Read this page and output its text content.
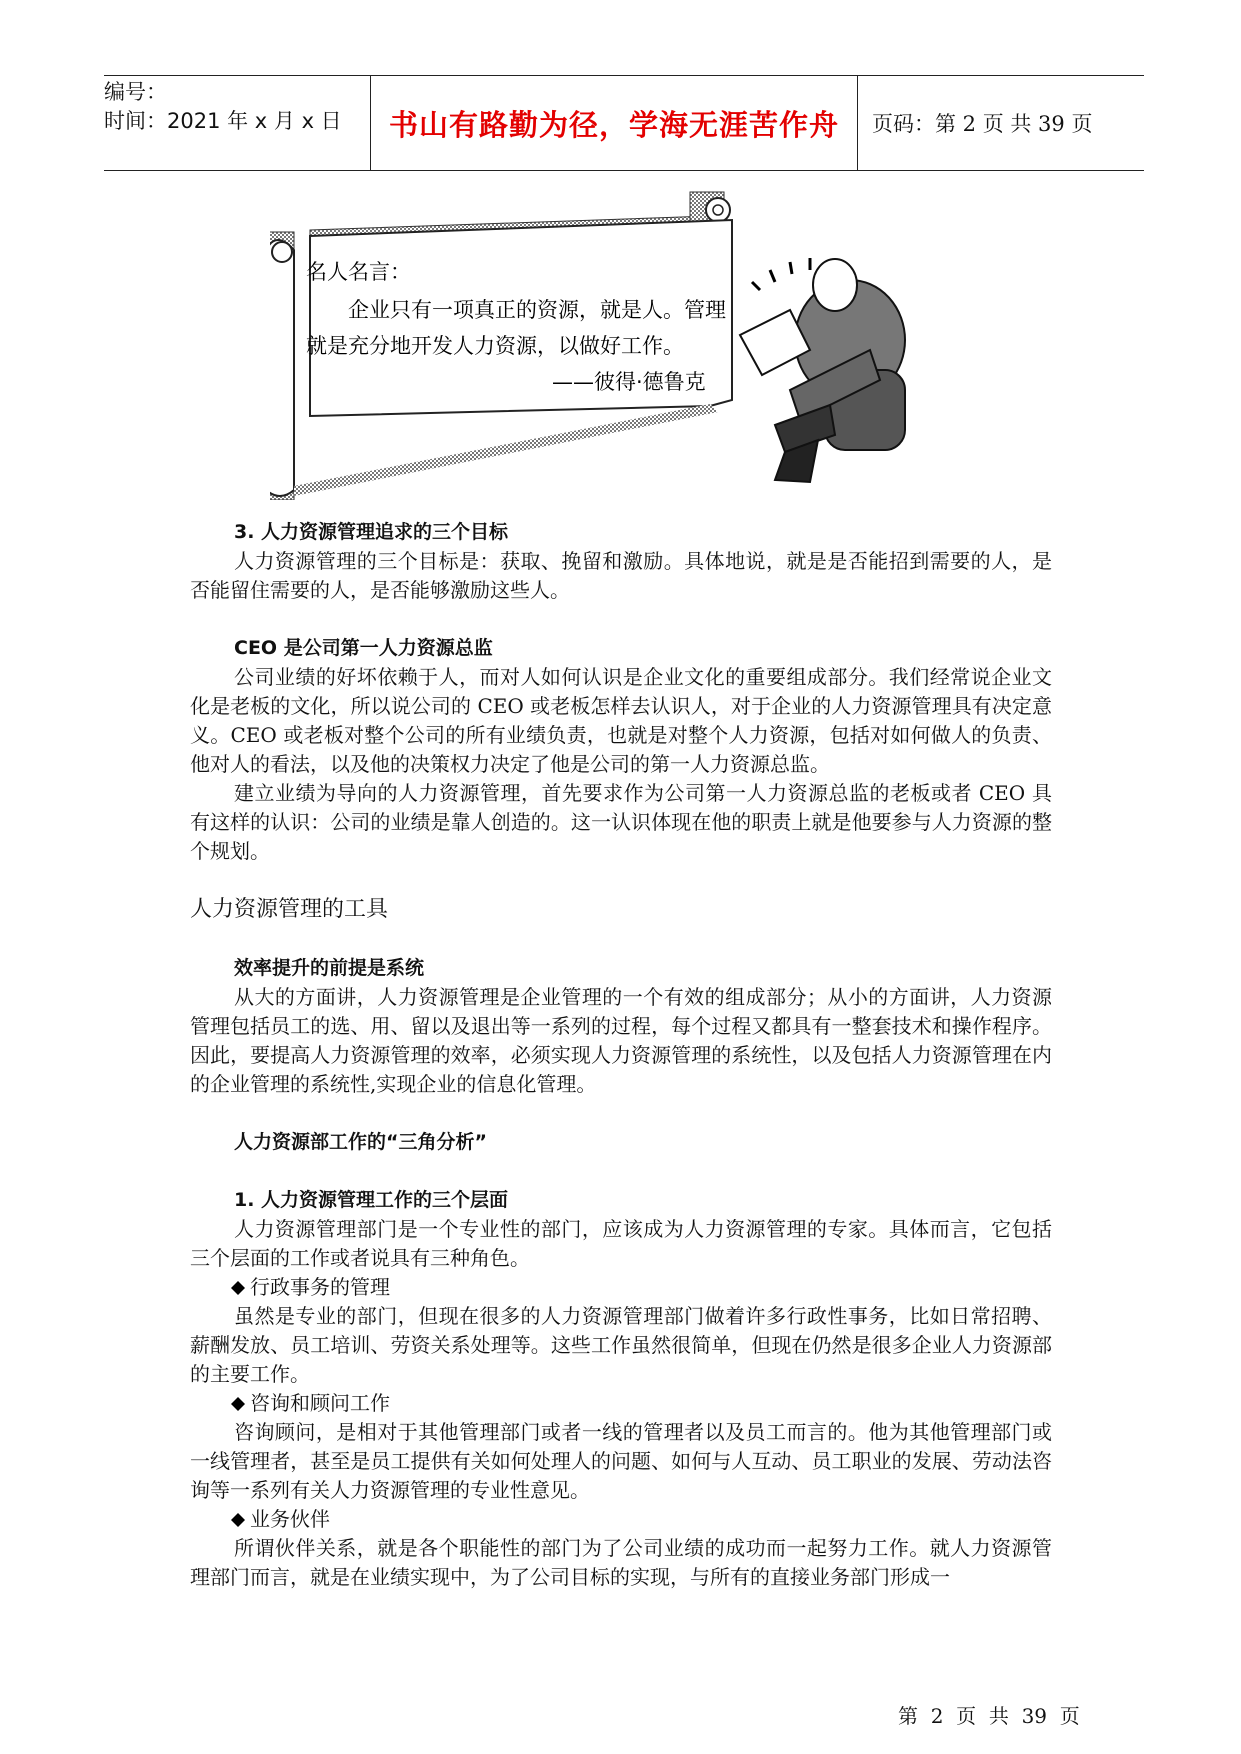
编号：
时间：2021 年 x 月 x 日	书山有路勤为径，学海无涯苦作舟	页码：第 2 页 共 39 页
名人名言：
企业只有一项真正的资源，就是人。管理
就是充分地开发人力资源，以做好工作。
——彼得·德鲁克

3. 人力资源管理追求的三个目标

人力资源管理的三个目标是：获取、挽留和激励。具体地说，就是是否能招到需要的人，是否能留住需要的人，是否能够激励这些人。

CEO 是公司第一人力资源总监

公司业绩的好坏依赖于人，而对人如何认识是企业文化的重要组成部分。我们经常说企业文化是老板的文化，所以说公司的 CEO 或老板怎样去认识人，对于企业的人力资源管理具有决定意义。CEO 或老板对整个公司的所有业绩负责，也就是对整个人力资源，包括对如何做人的负责、他对人的看法，以及他的决策权力决定了他是公司的第一人力资源总监。

建立业绩为导向的人力资源管理，首先要求作为公司第一人力资源总监的老板或者 CEO 具有这样的认识：公司的业绩是靠人创造的。这一认识体现在他的职责上就是他要参与人力资源的整个规划。

人力资源管理的工具

效率提升的前提是系统

从大的方面讲，人力资源管理是企业管理的一个有效的组成部分；从小的方面讲，人力资源管理包括员工的选、用、留以及退出等一系列的过程，每个过程又都具有一整套技术和操作程序。因此，要提高人力资源管理的效率，必须实现人力资源管理的系统性，以及包括人力资源管理在内的企业管理的系统性,实现企业的信息化管理。

人力资源部工作的“三角分析”

1. 人力资源管理工作的三个层面

人力资源管理部门是一个专业性的部门，应该成为人力资源管理的专家。具体而言，它包括三个层面的工作或者说具有三种角色。

行政事务的管理

虽然是专业的部门，但现在很多的人力资源管理部门做着许多行政性事务，比如日常招聘、薪酬发放、员工培训、劳资关系处理等。这些工作虽然很简单，但现在仍然是很多企业人力资源部的主要工作。

咨询和顾问工作

咨询顾问，是相对于其他管理部门或者一线的管理者以及员工而言的。他为其他管理部门或一线管理者，甚至是员工提供有关如何处理人的问题、如何与人互动、员工职业的发展、劳动法咨询等一系列有关人力资源管理的专业性意见。

业务伙伴

所谓伙伴关系，就是各个职能性的部门为了公司业绩的成功而一起努力工作。就人力资源管理部门而言，就是在业绩实现中，为了公司目标的实现，与所有的直接业务部门形成一

第  2  页  共  39  页
